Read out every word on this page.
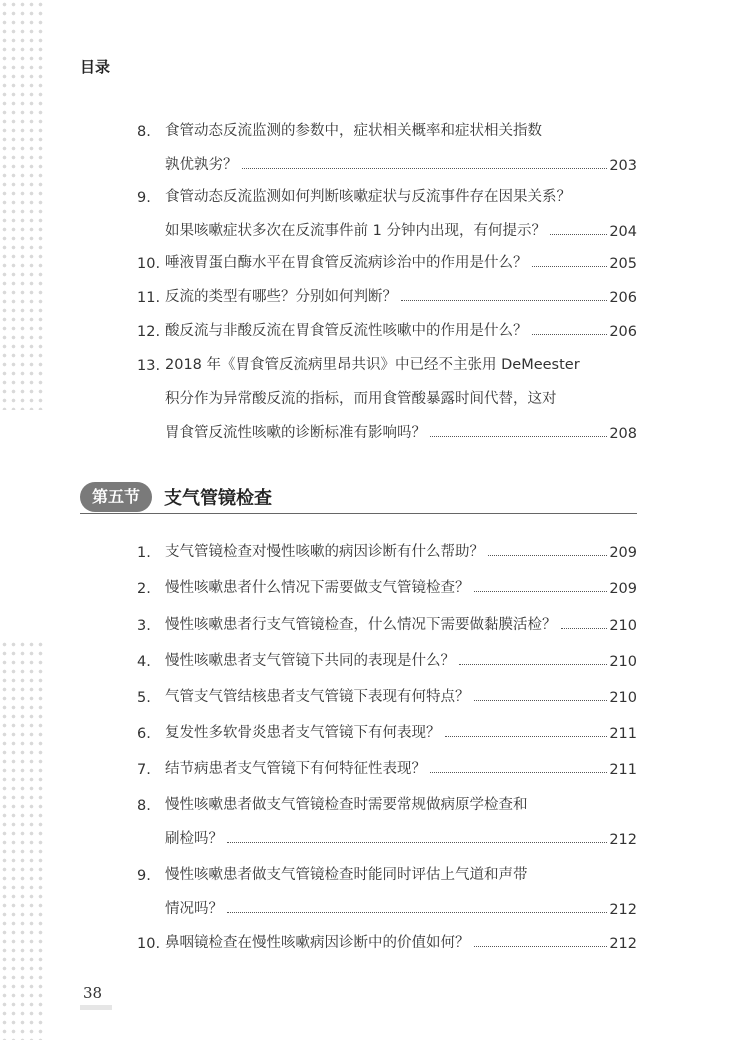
目录
8. 食管动态反流监测的参数中，症状相关概率和症状相关指数
孰优孰劣？	203
9. 食管动态反流监测如何判断咳嗽症状与反流事件存在因果关系？
如果咳嗽症状多次在反流事件前 1 分钟内出现，有何提示？	204
10. 唾液胃蛋白酶水平在胃食管反流病诊治中的作用是什么？	205
11. 反流的类型有哪些？分别如何判断？	206
12. 酸反流与非酸反流在胃食管反流性咳嗽中的作用是什么？	206
13. 2018 年《胃食管反流病里昂共识》中已经不主张用 DeMeester
积分作为异常酸反流的指标，而用食管酸暴露时间代替，这对
胃食管反流性咳嗽的诊断标准有影响吗？	208
第五节	支气管镜检查
1. 支气管镜检查对慢性咳嗽的病因诊断有什么帮助？	209
2. 慢性咳嗽患者什么情况下需要做支气管镜检查？	209
3. 慢性咳嗽患者行支气管镜检查，什么情况下需要做黏膜活检？	210
4. 慢性咳嗽患者支气管镜下共同的表现是什么？	210
5. 气管支气管结核患者支气管镜下表现有何特点？	210
6. 复发性多软骨炎患者支气管镜下有何表现？	211
7. 结节病患者支气管镜下有何特征性表现？	211
8. 慢性咳嗽患者做支气管镜检查时需要常规做病原学检查和
刷检吗？	212
9. 慢性咳嗽患者做支气管镜检查时能同时评估上气道和声带
情况吗？	212
10. 鼻咽镜检查在慢性咳嗽病因诊断中的价值如何？	212
38
